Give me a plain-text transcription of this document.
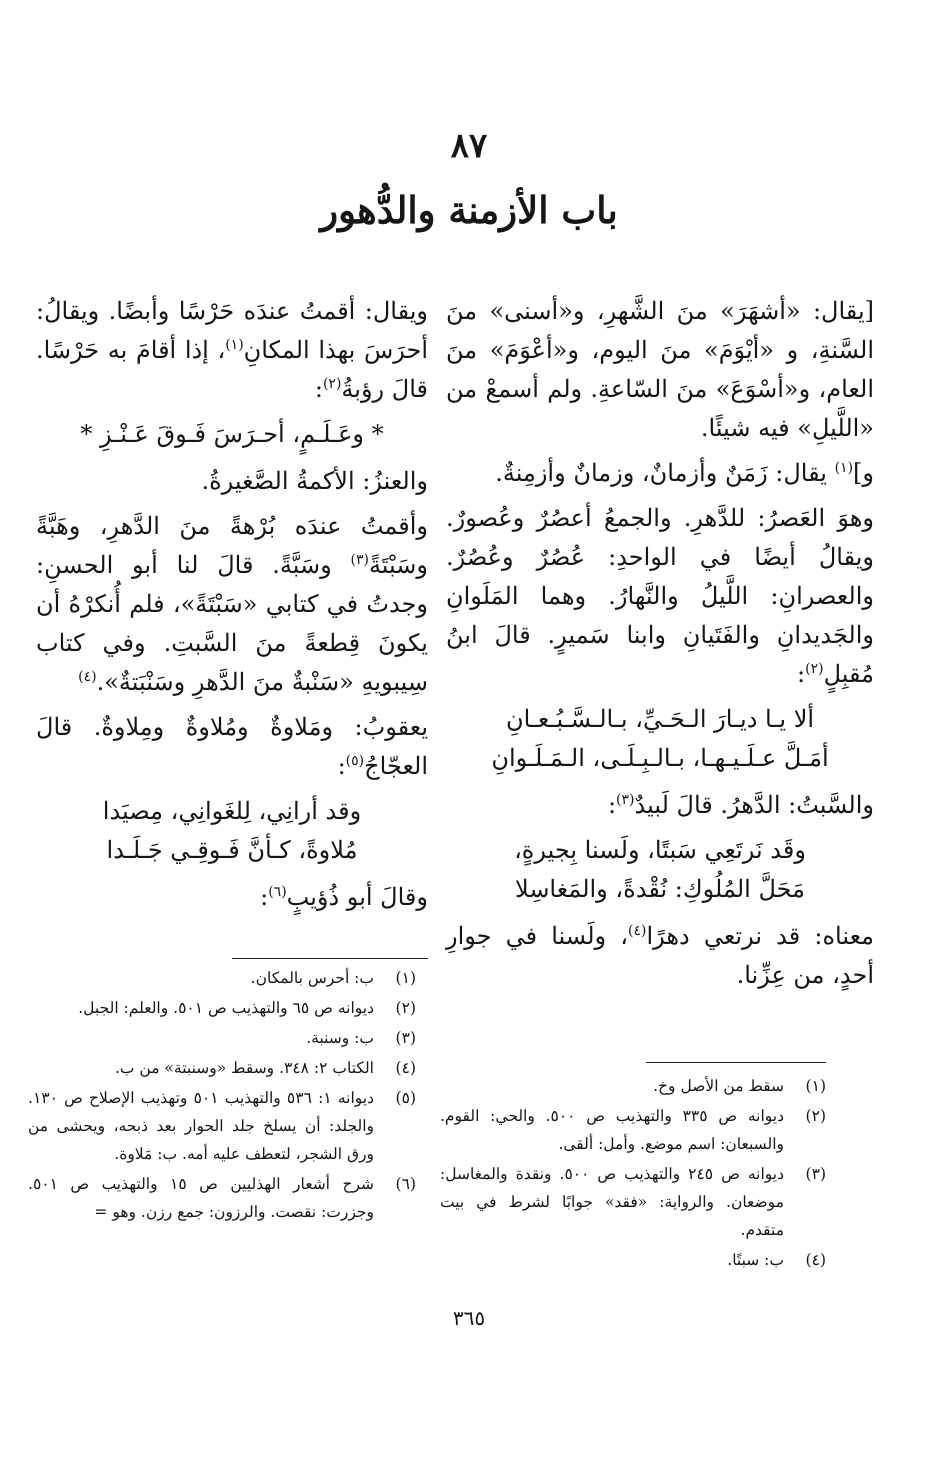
٨٧
باب الأزمنة والدُّهور

[يقال: «أشهَرَ» منَ الشَّهرِ، و«أسنى» منَ السَّنةِ، و «أيْوَمَ» منَ اليوم، و«أعْوَمَ» منَ العام، و«أسْوَعَ» منَ السّاعةِ. ولم أسمعْ من «اللَّيلِ» فيه شيئًا.

و]$^{(١)}$ يقال: زَمَنٌ وأزمانٌ، وزمانٌ وأزمِنةٌ.

وهوَ العَصرُ: للدَّهرِ. والجمعُ أعصُرٌ وعُصورٌ. ويقالُ أيضًا في الواحدِ: عُصُرٌ وعُصُرٌ. والعصرانِ: اللَّيلُ والنَّهارُ. وهما المَلَوانِ والجَديدانِ والفَتَيانِ وابنا سَميرٍ. قالَ ابنُ مُقبِلٍ$^{(٢)}$:

ألا يـا ديـارَ الـحَـيِّ، بـالـسَّـبُـعـانِ
أمَـلَّ عـلَـيـهـا، بـالـبِـلَـى، الـمَـلَـوانِ

والسَّبتُ: الدَّهرُ. قالَ لَبيدٌ$^{(٣)}$:

وقَد نَرتَعِي سَبتًا، ولَسنا بِجيرةٍ،
مَحَلَّ المُلُوكِ: نُقْدةً، والمَغاسِلا

معناه: قد نرتعي دهرًا$^{(٤)}$، ولَسنا في جوارِ أحدٍ، من عِزِّنا.

ويقال: أقمتُ عندَه حَرْسًا وأبضًا. ويقالُ: أحرَسَ بهذا المكانِ$^{(١)}$، إذا أقامَ به حَرْسًا. قالَ رؤبةُ$^{(٢)}$:

* وعَـلَـمٍ، أحـرَسَ فَـوقَ عَـنْـزِ *

والعنزُ: الأكمةُ الصَّغيرةُ.

وأقمتُ عندَه بُرْهةً منَ الدَّهرِ، وهَبَّةً وسَبْتَةً$^{(٣)}$ وسَبَّةً. قالَ لنا أبو الحسنِ: وجدتُ في كتابي «سَبْتَةً»، فلم أُنكرْهُ أن يكونَ قِطعةً منَ السَّبتِ. وفي كتاب سِيبويهِ «سَنْبةٌ منَ الدَّهرِ وسَنْبَتةٌ».$^{(٤)}$

يعقوبُ: ومَلاوةٌ ومُلاوةٌ ومِلاوةٌ. قالَ العجّاجُ$^{(٥)}$:

وقد أرانِي، لِلغَوانِي، مِصيَدا
مُلاوةً، كـأنَّ فَـوقِـي جَـلَـدا

وقالَ أبو ذُؤيبٍ$^{(٦)}$:

(١)
ب: أحرس بالمكان.
(٢)
ديوانه ص ٦٥ والتهذيب ص ٥٠١. والعلم: الجبل.
(٣)
ب: وسنبة.
(٤)
الكتاب ٢: ٣٤٨. وسقط «وسنبتة» من ب.
(٥)
ديوانه ١: ٥٣٦ والتهذيب ٥٠١ وتهذيب الإصلاح ص ١٣٠. والجلد: أن يسلخ جلد الحوار بعد ذبحه، ويحشى من ورق الشجر، لتعطف عليه أمه. ب: مَلاوة.
(٦)
شرح أشعار الهذليين ص ١٥ والتهذيب ص ٥٠١. وجزرت: نقصت. والرزون: جمع رزن. وهو =
(١)
سقط من الأصل وخ.
(٢)
ديوانه ص ٣٣٥ والتهذيب ص ٥٠٠. والحي: القوم. والسبعان: اسم موضع. وأمل: ألقى.
(٣)
ديوانه ص ٢٤٥ والتهذيب ص ٥٠٠. ونقدة والمغاسل: موضعان. والرواية: «فقد» جوابًا لشرط في بيت متقدم.
(٤)
ب: سبتًا.
٣٦٥
